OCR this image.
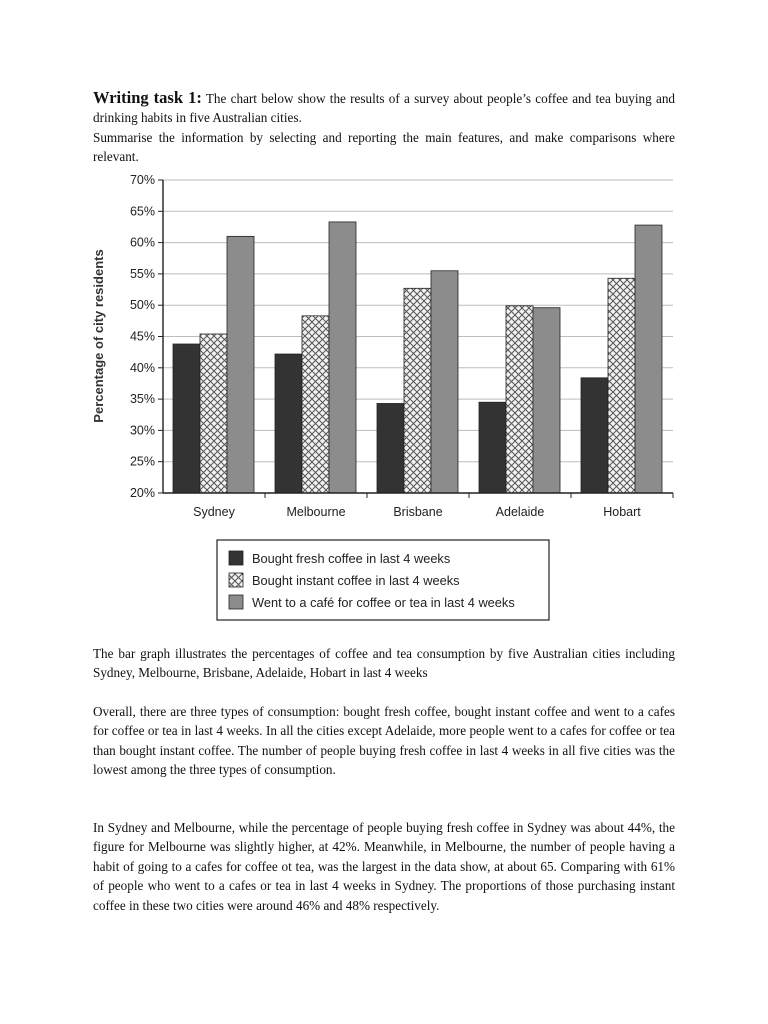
Writing task 1: The chart below show the results of a survey about people’s coffee and tea buying and drinking habits in five Australian cities.
Summarise the information by selecting and reporting the main features, and make comparisons where relevant.
20%
25%
30%
35%
40%
45%
50%
55%
60%
65%
70%
Percentage of city residents
Sydney	Melbourne	Brisbane	Adelaide	Hobart
Bought fresh coffee in last 4 weeks
Bought instant coffee in last 4 weeks
Went to a café for coffee or tea in last 4 weeks
The bar graph illustrates the percentages of coffee and tea consumption by five Australian cities including Sydney, Melbourne, Brisbane, Adelaide, Hobart in last 4 weeks
Overall, there are three types of consumption: bought fresh coffee, bought instant coffee and went to a cafes for coffee or tea in last 4 weeks. In all the cities except Adelaide, more people went to a cafes for coffee or tea than bought instant coffee. The number of people buying fresh coffee in last 4 weeks in all five cities was the lowest among the three types of consumption.
In Sydney and Melbourne, while the percentage of people buying fresh coffee in Sydney was about 44%, the figure for Melbourne was slightly higher, at 42%. Meanwhile, in Melbourne, the number of people having a habit of going to a cafes for coffee ot tea, was the largest in the data show, at about 65. Comparing with 61% of people who went to a cafes or tea in last 4 weeks in Sydney. The proportions of those purchasing instant coffee in these two cities were around 46% and 48% respectively.
